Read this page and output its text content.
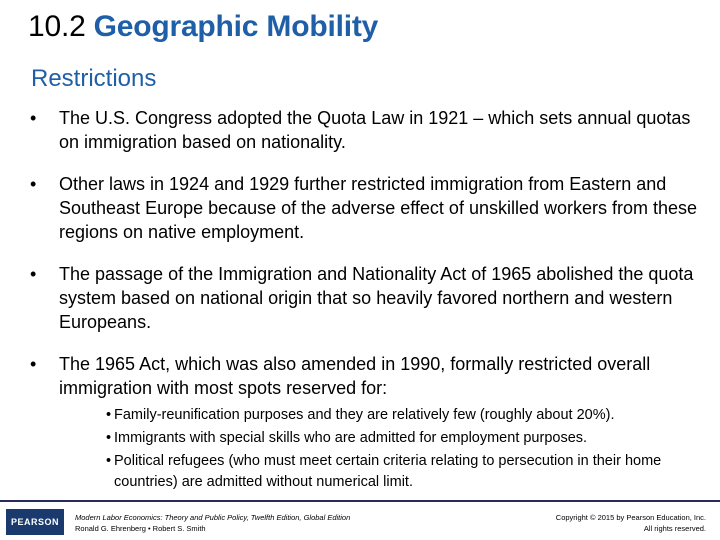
10.2 Geographic Mobility
Restrictions
• The U.S. Congress adopted the Quota Law in 1921 – which sets annual quotas on immigration based on nationality.
• Other laws in 1924 and 1929 further restricted immigration from Eastern and Southeast Europe because of the adverse effect of unskilled workers from these regions on native employment.
• The passage of the Immigration and Nationality Act of 1965 abolished the quota system based on national origin that so heavily favored northern and western Europeans.
• The 1965 Act, which was also amended in 1990, formally restricted overall immigration with most spots reserved for:
• Family-reunification purposes and they are relatively few (roughly about 20%).
• Immigrants with special skills who are admitted for employment purposes.
• Political refugees (who must meet certain criteria relating to persecution in their home countries) are admitted without numerical limit.
PEARSON Modern Labor Economics: Theory and Public Policy, Twelfth Edition, Global Edition
Ronald G. Ehrenberg • Robert S. Smith
Copyright © 2015 by Pearson Education, Inc.
All rights reserved.
